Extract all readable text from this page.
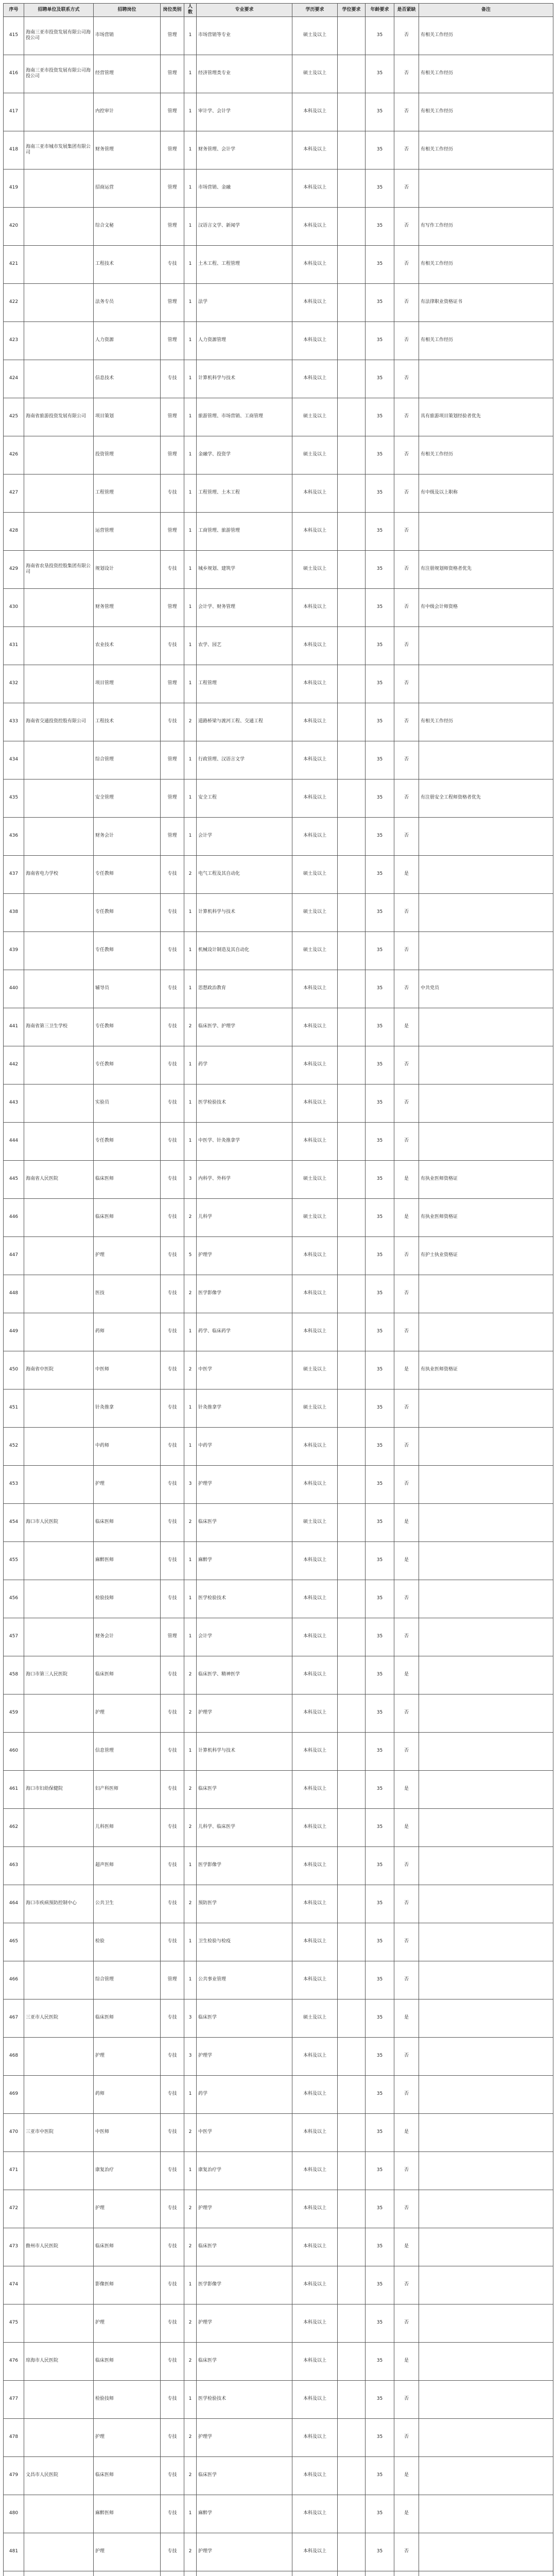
序号	招聘单位及联系方式	招聘岗位	岗位类别	人数	专业要求	学历要求	学位要求	年龄要求	是否紧缺	备注
415	海南三亚市投资发展有限公司海投公司	市场营销	管理	1	市场营销等专业	硕士及以上		35	否	有相关工作经历
416	海南三亚市投资发展有限公司海投公司	经营管理	管理	1	经济管理类专业	硕士及以上		35	否	有相关工作经历
417		内控审计	管理	1	审计学、会计学	本科及以上		35	否	有相关工作经历
418	海南三亚市城市发展集团有限公司	财务管理	管理	1	财务管理、会计学	本科及以上		35	否	有相关工作经历
419		招商运营	管理	1	市场营销、金融	本科及以上		35	否	
420		综合文秘	管理	1	汉语言文学、新闻学	本科及以上		35	否	有写作工作经历
421		工程技术	专技	1	土木工程、工程管理	本科及以上		35	否	有相关工作经历
422		法务专员	管理	1	法学	本科及以上		35	否	有法律职业资格证书
423		人力资源	管理	1	人力资源管理	本科及以上		35	否	有相关工作经历
424		信息技术	专技	1	计算机科学与技术	本科及以上		35	否	
425	海南省旅游投资发展有限公司	项目策划	管理	1	旅游管理、市场营销、工商管理	硕士及以上		35	否	具有旅游项目策划经验者优先
426		投资管理	管理	1	金融学、投资学	硕士及以上		35	否	有相关工作经历
427		工程管理	专技	1	工程管理、土木工程	本科及以上		35	否	有中级及以上职称
428		运营管理	管理	1	工商管理、旅游管理	本科及以上		35	否	
429	海南省农垦投资控股集团有限公司	规划设计	专技	1	城乡规划、建筑学	硕士及以上		35	否	有注册规划师资格者优先
430		财务管理	管理	1	会计学、财务管理	本科及以上		35	否	有中级会计师资格
431		农业技术	专技	1	农学、园艺	本科及以上		35	否	
432		项目管理	管理	1	工程管理	本科及以上		35	否	
433	海南省交通投资控股有限公司	工程技术	专技	2	道路桥梁与渡河工程、交通工程	本科及以上		35	否	有相关工作经历
434		综合管理	管理	1	行政管理、汉语言文学	本科及以上		35	否	
435		安全管理	管理	1	安全工程	本科及以上		35	否	有注册安全工程师资格者优先
436		财务会计	管理	1	会计学	本科及以上		35	否	
437	海南省电力学校	专任教师	专技	2	电气工程及其自动化	硕士及以上		35	是	
438		专任教师	专技	1	计算机科学与技术	硕士及以上		35	否	
439		专任教师	专技	1	机械设计制造及其自动化	硕士及以上		35	否	
440		辅导员	专技	1	思想政治教育	本科及以上		35	否	中共党员
441	海南省第三卫生学校	专任教师	专技	2	临床医学、护理学	本科及以上		35	是	
442		专任教师	专技	1	药学	本科及以上		35	否	
443		实验员	专技	1	医学检验技术	本科及以上		35	否	
444		专任教师	专技	1	中医学、针灸推拿学	本科及以上		35	否	
445	海南省人民医院	临床医师	专技	3	内科学、外科学	硕士及以上		35	是	有执业医师资格证
446		临床医师	专技	2	儿科学	硕士及以上		35	是	有执业医师资格证
447		护理	专技	5	护理学	本科及以上		35	否	有护士执业资格证
448		医技	专技	2	医学影像学	本科及以上		35	否	
449		药师	专技	1	药学、临床药学	本科及以上		35	否	
450	海南省中医院	中医师	专技	2	中医学	硕士及以上		35	是	有执业医师资格证
451		针灸推拿	专技	1	针灸推拿学	硕士及以上		35	否	
452		中药师	专技	1	中药学	本科及以上		35	否	
453		护理	专技	3	护理学	本科及以上		35	否	
454	海口市人民医院	临床医师	专技	2	临床医学	硕士及以上		35	是	
455		麻醉医师	专技	1	麻醉学	本科及以上		35	是	
456		检验技师	专技	1	医学检验技术	本科及以上		35	否	
457		财务会计	管理	1	会计学	本科及以上		35	否	
458	海口市第三人民医院	临床医师	专技	2	临床医学、精神医学	本科及以上		35	是	
459		护理	专技	2	护理学	本科及以上		35	否	
460		信息管理	专技	1	计算机科学与技术	本科及以上		35	否	
461	海口市妇幼保健院	妇产科医师	专技	2	临床医学	本科及以上		35	是	
462		儿科医师	专技	2	儿科学、临床医学	本科及以上		35	是	
463		超声医师	专技	1	医学影像学	本科及以上		35	否	
464	海口市疾病预防控制中心	公共卫生	专技	2	预防医学	本科及以上		35	否	
465		检验	专技	1	卫生检验与检疫	本科及以上		35	否	
466		综合管理	管理	1	公共事业管理	本科及以上		35	否	
467	三亚市人民医院	临床医师	专技	3	临床医学	硕士及以上		35	是	
468		护理	专技	3	护理学	本科及以上		35	否	
469		药师	专技	1	药学	本科及以上		35	否	
470	三亚市中医院	中医师	专技	2	中医学	本科及以上		35	是	
471		康复治疗	专技	1	康复治疗学	本科及以上		35	否	
472		护理	专技	2	护理学	本科及以上		35	否	
473	儋州市人民医院	临床医师	专技	2	临床医学	本科及以上		35	是	
474		影像医师	专技	1	医学影像学	本科及以上		35	否	
475		护理	专技	2	护理学	本科及以上		35	否	
476	琼海市人民医院	临床医师	专技	2	临床医学	本科及以上		35	是	
477		检验技师	专技	1	医学检验技术	本科及以上		35	否	
478		护理	专技	2	护理学	本科及以上		35	否	
479	文昌市人民医院	临床医师	专技	2	临床医学	本科及以上		35	是	
480		麻醉医师	专技	1	麻醉学	本科及以上		35	是	
481		护理	专技	2	护理学	本科及以上		35	否	
